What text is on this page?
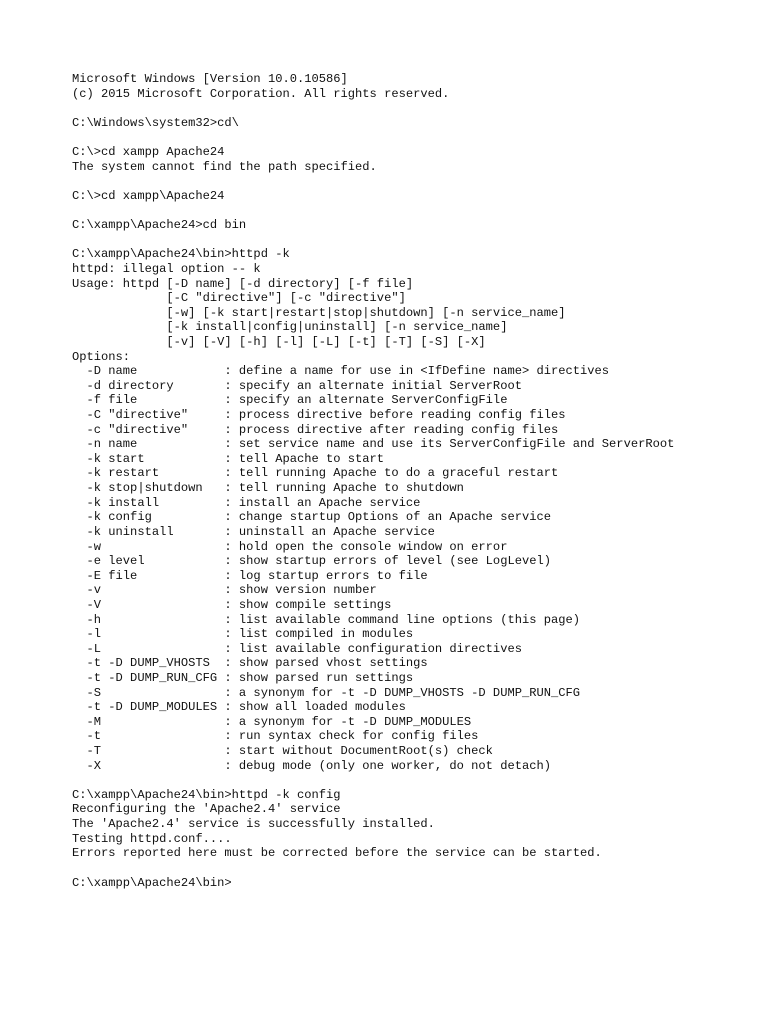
Microsoft Windows [Version 10.0.10586]
(c) 2015 Microsoft Corporation. All rights reserved.
C:\Windows\system32>cd\
C:\>cd xampp Apache24
The system cannot find the path specified.
C:\>cd xampp\Apache24
C:\xampp\Apache24>cd bin
C:\xampp\Apache24\bin>httpd -k
httpd: illegal option -- k
Usage: httpd [-D name] [-d directory] [-f file]
[-C "directive"] [-c "directive"]
[-w] [-k start|restart|stop|shutdown] [-n service_name]
[-k install|config|uninstall] [-n service_name]
[-v] [-V] [-h] [-l] [-L] [-t] [-T] [-S] [-X]
Options:
-D name            : define a name for use in <IfDefine name> directives
-d directory       : specify an alternate initial ServerRoot
-f file            : specify an alternate ServerConfigFile
-C "directive"     : process directive before reading config files
-c "directive"     : process directive after reading config files
-n name            : set service name and use its ServerConfigFile and ServerRoot
-k start           : tell Apache to start
-k restart         : tell running Apache to do a graceful restart
-k stop|shutdown   : tell running Apache to shutdown
-k install         : install an Apache service
-k config          : change startup Options of an Apache service
-k uninstall       : uninstall an Apache service
-w                 : hold open the console window on error
-e level           : show startup errors of level (see LogLevel)
-E file            : log startup errors to file
-v                 : show version number
-V                 : show compile settings
-h                 : list available command line options (this page)
-l                 : list compiled in modules
-L                 : list available configuration directives
-t -D DUMP_VHOSTS  : show parsed vhost settings
-t -D DUMP_RUN_CFG : show parsed run settings
-S                 : a synonym for -t -D DUMP_VHOSTS -D DUMP_RUN_CFG
-t -D DUMP_MODULES : show all loaded modules
-M                 : a synonym for -t -D DUMP_MODULES
-t                 : run syntax check for config files
-T                 : start without DocumentRoot(s) check
-X                 : debug mode (only one worker, do not detach)
C:\xampp\Apache24\bin>httpd -k config
Reconfiguring the 'Apache2.4' service
The 'Apache2.4' service is successfully installed.
Testing httpd.conf....
Errors reported here must be corrected before the service can be started.
C:\xampp\Apache24\bin>
